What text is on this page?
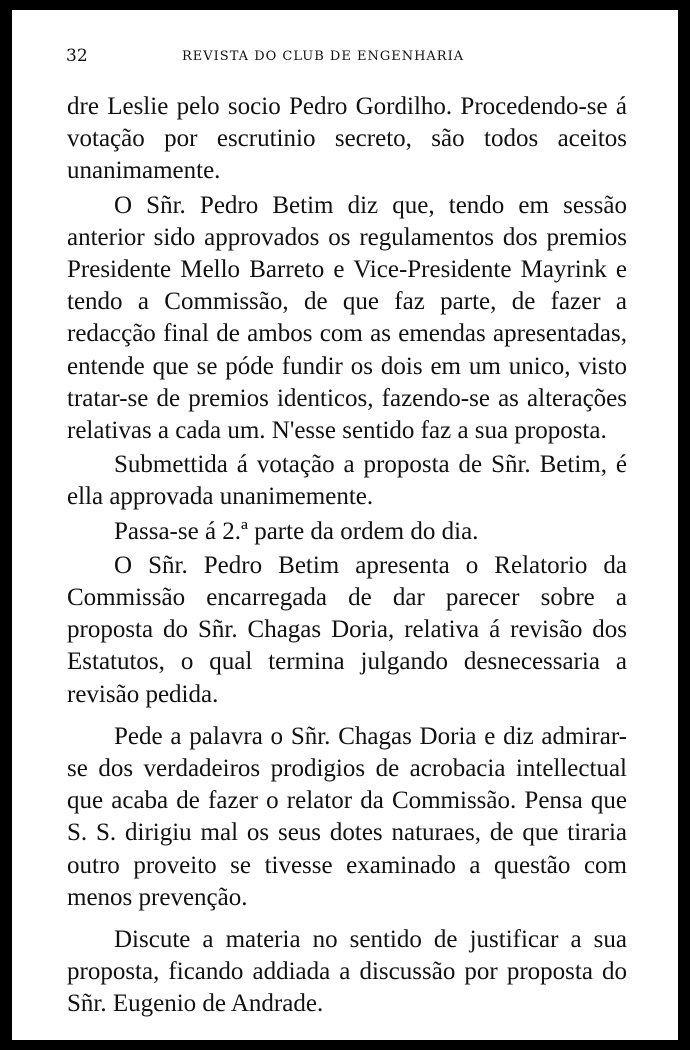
32	REVISTA DO CLUB DE ENGENHARIA

dre Leslie pelo socio Pedro Gordilho. Procedendo-se á votação por escrutinio secreto, são todos aceitos unanimamente.

O Sñr. Pedro Betim diz que, tendo em sessão anterior sido approvados os regulamentos dos premios Presidente Mello Barreto e Vice-Presidente Mayrink e tendo a Commissão, de que faz parte, de fazer a redacção final de ambos com as emendas apresentadas, entende que se póde fundir os dois em um unico, visto tratar-se de premios identicos, fazendo-se as alterações relativas a cada um. N'esse sentido faz a sua proposta.

Submettida á votação a proposta de Sñr. Betim, é ella approvada unanimemente.

Passa-se á 2.ª parte da ordem do dia.

O Sñr. Pedro Betim apresenta o Relatorio da Commissão encarregada de dar parecer sobre a proposta do Sñr. Chagas Doria, relativa á revisão dos Estatutos, o qual termina julgando desnecessaria a revisão pedida.

Pede a palavra o Sñr. Chagas Doria e diz admirar-se dos verdadeiros prodigios de acrobacia intellectual que acaba de fazer o relator da Commissão. Pensa que S. S. dirigiu mal os seus dotes naturaes, de que tiraria outro proveito se tivesse examinado a questão com menos prevenção.

Discute a materia no sentido de justificar a sua proposta, ficando addiada a discussão por proposta do Sñr. Eugenio de Andrade.
